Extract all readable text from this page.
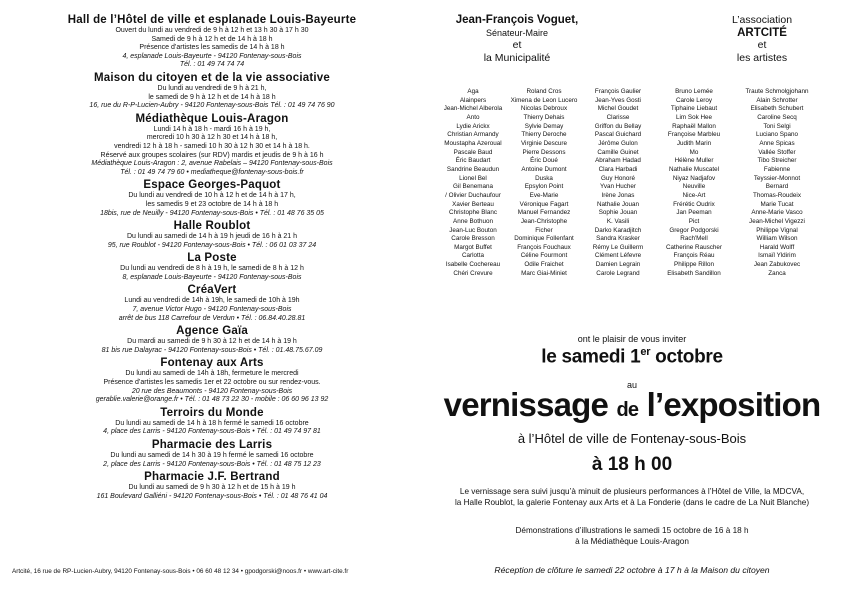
Hall de l’Hôtel de ville et esplanade Louis-Bayeurte

Ouvert du lundi au vendredi de 9 h à 12 h et 13 h 30 à 17 h 30

Samedi de 9 h à 12 h et de 14 h à 18 h

Présence d’artistes les samedis de 14 h à 18 h

4, esplanade Louis-Bayeurte - 94120 Fontenay-sous-Bois

Tél. : 01 49 74 74 74

Maison du citoyen et de la vie associative

Du lundi au vendredi de 9 h à 21 h,

le samedi de 9 h à 12 h et de 14 h à 18 h

16, rue du R-P-Lucien-Aubry - 94120 Fontenay-sous-Bois Tél. : 01 49 74 76 90

Médiathèque Louis-Aragon

Lundi 14 h à 18 h - mardi 16 h à 19 h,

mercredi 10 h 30 à 12 h 30 et 14 h à 18 h,

vendredi 12 h à 18 h - samedi 10 h 30 à 12 h 30 et 14 h à 18 h.

Réservé aux groupes scolaires (sur RDV) mardis et jeudis de 9 h à 16 h

Médiathèque Louis-Aragon : 2, avenue Rabelais – 94120 Fontenay-sous-Bois

Tél. : 01 49 74 79 60 • mediatheque@fontenay-sous-bois.fr

Espace Georges-Paquot

Du lundi au vendredi de 10 h à 12 h et de 14 h à 17 h,

les samedis 9 et 23 octobre de 14 h à 18 h

18bis, rue de Neuilly - 94120 Fontenay-sous-Bois • Tél. : 01 48 76 35 05

Halle Roublot

Du lundi au samedi de 14 h à 19 h jeudi de 16 h à 21 h

95, rue Roublot - 94120 Fontenay-sous-Bois • Tél. : 06 01 03 37 24

La Poste

Du lundi au vendredi de 8 h à 19 h, le samedi de 8 h à 12 h

8, esplanade Louis-Bayeurte - 94120 Fontenay-sous-Bois

CréaVert

Lundi au vendredi de 14h à 19h, le samedi de 10h à 19h

7, avenue Victor Hugo - 94120 Fontenay-sous-Bois

arrêt de bus 118 Carrefour de Verdun • Tél. : 06.84.40.28.81

Agence Gaïa

Du mardi au samedi de 9 h 30 à 12 h et de 14 h à 19 h

81 bis rue Dalayrac - 94120 Fontenay-sous-Bois • Tél. : 01.48.75.67.09

Fontenay aux Arts

Du lundi au samedi de 14h à 18h, fermeture le mercredi

Présence d’artistes les samedis 1er et 22 octobre ou sur rendez-vous.

20 rue des Beaumonts - 94120 Fontenay-sous-Bois

gerablie.valerie@orange.fr • Tél. : 01 48 73 22 30 - mobile : 06 60 96 13 92

Terroirs du Monde

Du lundi au samedi de 14 h à 18 h fermé le samedi 16 octobre

4, place des Larris - 94120 Fontenay-sous-Bois • Tél. : 01 49 74 97 81

Pharmacie des Larris

Du lundi au samedi de 14 h 30 à 19 h fermé le samedi 16 octobre

2, place des Larris - 94120 Fontenay-sous-Bois • Tél. : 01 48 75 12 23

Pharmacie J.F. Bertrand

Du lundi au samedi de 9 h 30 à 12 h et de 15 h à 19 h

161 Boulevard Galliéni - 94120 Fontenay-sous-Bois • Tél. : 01 48 76 41 04

Artcité, 16 rue de RP-Lucien-Aubry, 94120 Fontenay-sous-Bois • 06 60 48 12 34 • gpodgorski@noos.fr • www.art-cite.fr
Jean-François Voguet,
Sénateur-Maire
et
la Municipalité
L’association
ARTCITÉ
et
les artistes
Aga
Alainpers
Jean-Michel Alberola
Anto
Lydie Arickx
Christian Armandy
Moustapha Azeroual
Pascale Baud
Éric Baudart
Sandrine Beaudun
Lionel Bel
Gil Benemana
/ Olivier Duchaufour
Xavier Berteau
Christophe Blanc
Anne Bothuon
Jean-Luc Bouton
Carole Bresson
Margot Buffet
Carlotta
Isabelle Cochereau
Chéri Crevure
Roland Cros
Ximena de Leon Lucero
Nicolas Debroux
Thierry Dehais
Sylvie Demay
Thierry Deroche
Virginie Descure
Pierre Dessons
Éric Doué
Antoine Dumont
Duska
Epsylon Point
Eve-Marie
Véronique Fagart
Manuel Fernandez
Jean-Christophe
Ficher
Dominique Follenfant
François Fouchaux
Céline Fourmont
Odile Fraichet
Marc Giai-Miniet
François Gaulier
Jean-Yves Gosti
Michel Goudet
Clarisse
Griffon du Bellay
Pascal Guichard
Jérôme Gulon
Camille Guinet
Abraham Hadad
Clara Harbadi
Guy Honoré
Yvan Hucher
Irène Jonas
Nathalie Jouan
Sophie Jouan
K. Vasili
Darko Karadjitch
Sandra Krasker
Rémy Le Guillerm
Clément Léfevre
Damien Legrain
Carole Legrand
Bruno Lemée
Carole Leroy
Tiphaine Liebaut
Lim Sok Hee
Raphaël Mallon
Françoise Marbleu
Judith Marin
Mo
Hélène Muller
Nathalie Muscatel
Niyaz Nadjafov
Neuville
Nice-Art
Frérétic Oudrix
Jan Peeman
Pict
Gregor Podgorski
Rach'Mell
Catherine Rauscher
François Réau
Philippe Rillon
Elisabeth Sandillon
Traute Schmolgjohann
Alain Schrotter
Elisabeth Schubert
Caroline Secq
Toni Selgi
Luciano Spano
Anne Spicas
Vallée Stoffer
Tibo Streicher
Fabienne
Teyssier-Monnot
Bernard
Thomas-Roudeix
Marie Tucat
Anne-Marie Vasco
Jean-Michel Vigezzi
Philippe Vignal
William Wilson
Harald Wolff
Ismaïl Yldirim
Jean Zabukovec
Zanca
ont le plaisir de vous inviter
le samedi 1er octobre
au
vernissage de l’exposition
à l’Hôtel de ville de Fontenay-sous-Bois
à 18 h 00
Le vernissage sera suivi jusqu’à minuit de plusieurs performances à l’Hôtel de Ville, la MDCVA,
la Halle Roublot, la galerie Fontenay aux Arts et à La Fonderie (dans le cadre de La Nuit Blanche)
Démonstrations d’illustrations le samedi 15 octobre de 16 à 18 h
à la Médiathèque Louis-Aragon
Réception de clôture le samedi 22 octobre à 17 h à la Maison du citoyen
